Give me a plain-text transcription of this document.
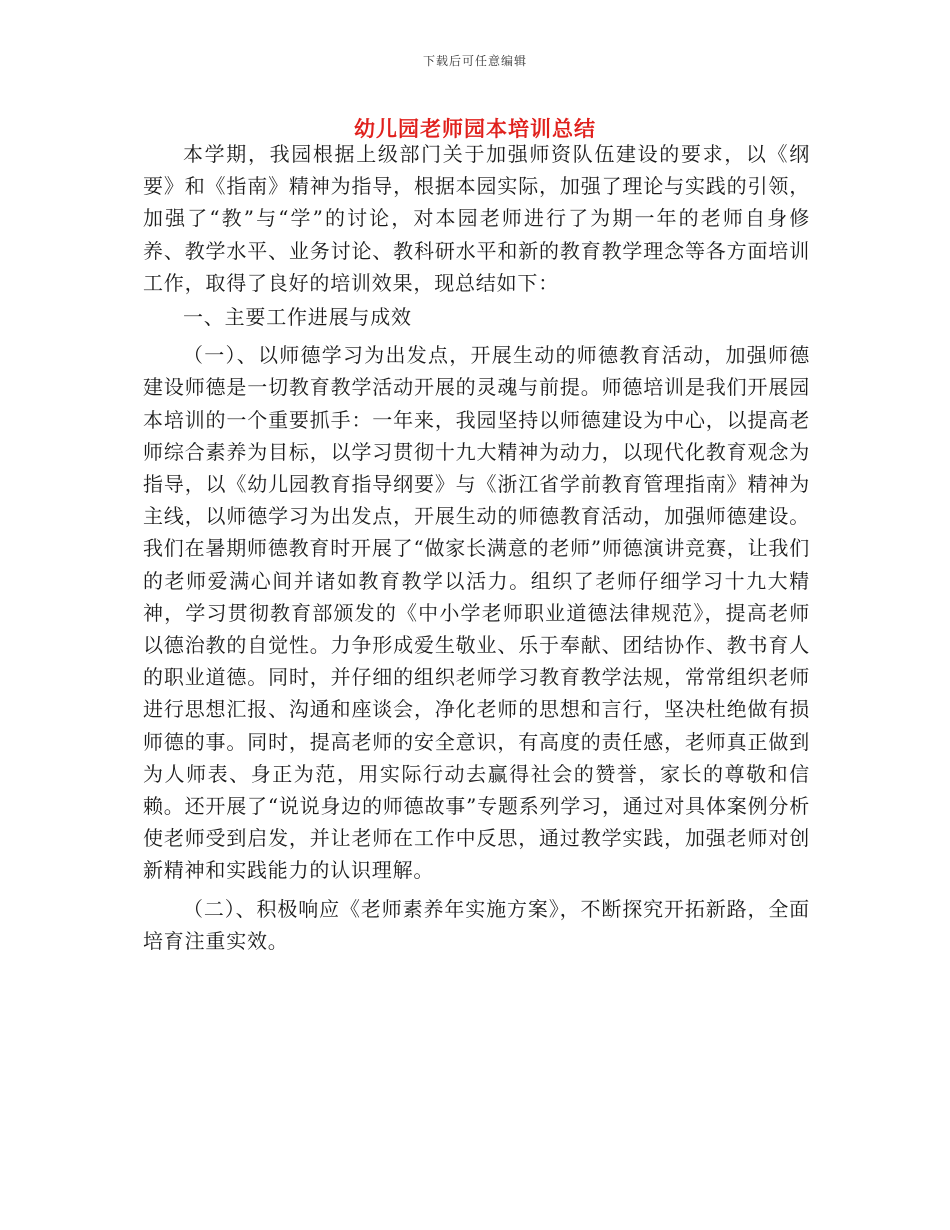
下载后可任意编辑
幼儿园老师园本培训总结

本学期，我园根据上级部门关于加强师资队伍建设的要求，以《纲要》和《指南》精神为指导，根据本园实际，加强了理论与实践的引领，加强了“教”与“学”的讨论，对本园老师进行了为期一年的老师自身修养、教学水平、业务讨论、教科研水平和新的教育教学理念等各方面培训工作，取得了良好的培训效果，现总结如下：

一、主要工作进展与成效

（一）、以师德学习为出发点，开展生动的师德教育活动，加强师德建设师德是一切教育教学活动开展的灵魂与前提。师德培训是我们开展园本培训的一个重要抓手：一年来，我园坚持以师德建设为中心，以提高老师综合素养为目标，以学习贯彻十九大精神为动力，以现代化教育观念为指导，以《幼儿园教育指导纲要》与《浙江省学前教育管理指南》精神为主线，以师德学习为出发点，开展生动的师德教育活动，加强师德建设。我们在暑期师德教育时开展了“做家长满意的老师”师德演讲竞赛，让我们的老师爱满心间并诸如教育教学以活力。组织了老师仔细学习十九大精神，学习贯彻教育部颁发的《中小学老师职业道德法律规范》，提高老师以德治教的自觉性。力争形成爱生敬业、乐于奉献、团结协作、教书育人的职业道德。同时，并仔细的组织老师学习教育教学法规，常常组织老师进行思想汇报、沟通和座谈会，净化老师的思想和言行，坚决杜绝做有损师德的事。同时，提高老师的安全意识，有高度的责任感，老师真正做到为人师表、身正为范，用实际行动去赢得社会的赞誉，家长的尊敬和信赖。还开展了“说说身边的师德故事”专题系列学习，通过对具体案例分析使老师受到启发，并让老师在工作中反思，通过教学实践，加强老师对创新精神和实践能力的认识理解。

（二）、积极响应《老师素养年实施方案》，不断探究开拓新路，全面培育注重实效。
